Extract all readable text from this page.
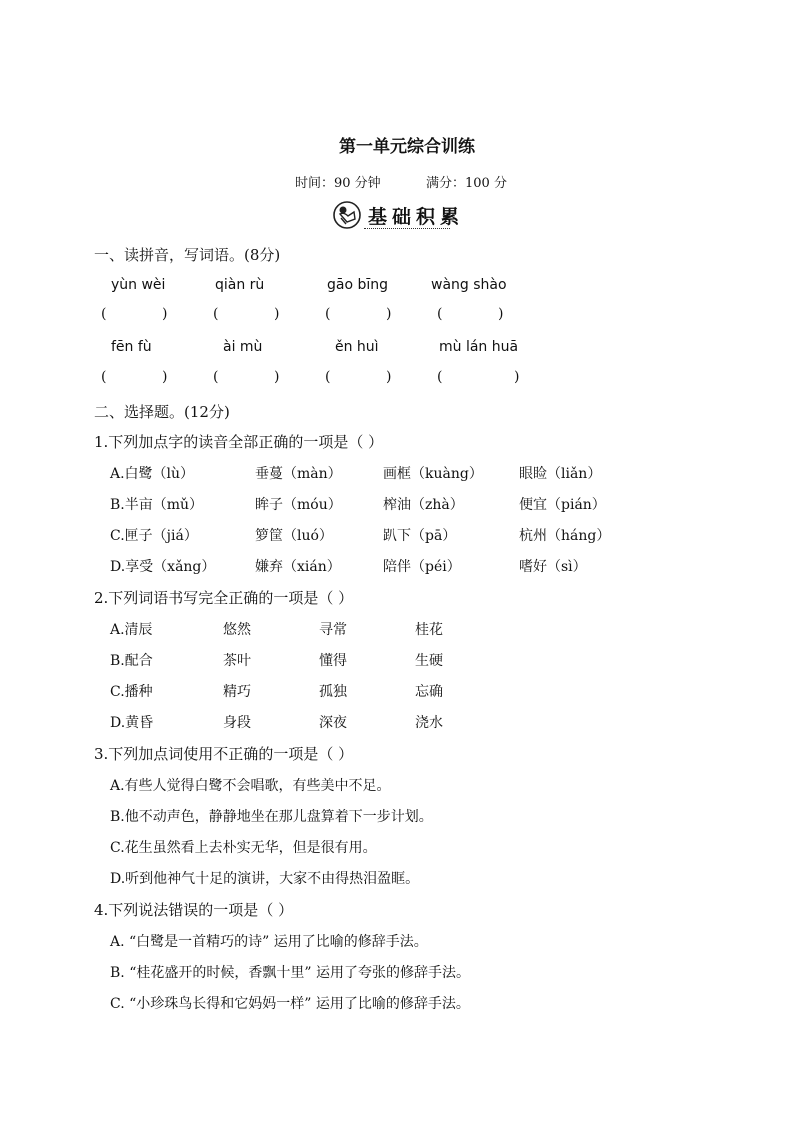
第一单元综合训练
时间：90 分钟	满分：100 分
基础积累
一、读拼音，写词语。(8分)
yùn wèi	qiàn rù	gāo bīng	wàng shào
(	)	(	)	(	)	(	)
fēn fù	ài mù	ěn huì	mù lán huā
(	)	(	)	(	)	(	)
二、选择题。(12分)
1.下列加点字的读音全部正确的一项是（ ）
A.白鹭（lù）	垂蔓（màn）	画框（kuàng）	眼睑（liǎn）
B.半亩（mǔ）	眸子（móu）	榨油（zhà）	便宜（pián）
C.匣子（jiá）	箩筐（luó）	趴下（pā）	杭州（háng）
D.享受（xǎng）	嫌弃（xián）	陪伴（péi）	嗜好（sì）
2.下列词语书写完全正确的一项是（ ）
A.清辰	悠然	寻常	桂花
B.配合	茶叶	懂得	生硬
C.播种	精巧	孤独	忘确
D.黄昏	身段	深夜	浇水
3.下列加点词使用不正确的一项是（ ）
A.有些人觉得白鹭不会唱歌，有些美中不足。
B.他不动声色，静静地坐在那儿盘算着下一步计划。
C.花生虽然看上去朴实无华，但是很有用。
D.听到他神气十足的演讲，大家不由得热泪盈眶。
4.下列说法错误的一项是（ ）
A. “白鹭是一首精巧的诗” 运用了比喻的修辞手法。
B. “桂花盛开的时候，香飘十里” 运用了夸张的修辞手法。
C. “小珍珠鸟长得和它妈妈一样” 运用了比喻的修辞手法。
